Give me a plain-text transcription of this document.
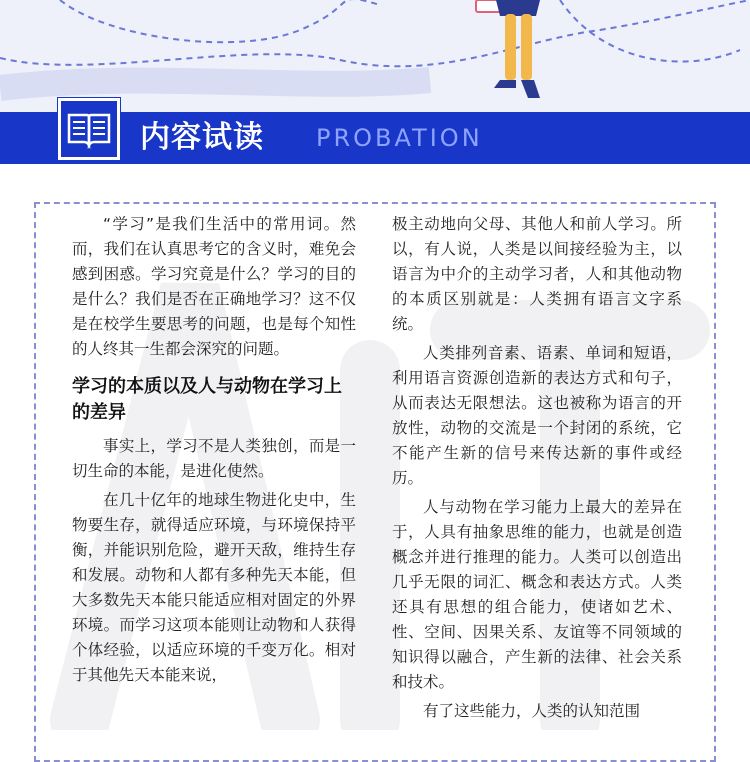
内容试读 PROBATION

“学习”是我们生活中的常用词。然而，我们在认真思考它的含义时，难免会感到困惑。学习究竟是什么？学习的目的是什么？我们是否在正确地学习？这不仅是在校学生要思考的问题，也是每个知性的人终其一生都会深究的问题。

学习的本质以及人与动物在学习上的差异

事实上，学习不是人类独创，而是一切生命的本能，是进化使然。

在几十亿年的地球生物进化史中，生物要生存，就得适应环境，与环境保持平衡，并能识别危险，避开天敌，维持生存和发展。动物和人都有多种先天本能，但大多数先天本能只能适应相对固定的外界环境。而学习这项本能则让动物和人获得个体经验，以适应环境的千变万化。相对于其他先天本能来说，

极主动地向父母、其他人和前人学习。所以，有人说，人类是以间接经验为主，以语言为中介的主动学习者，人和其他动物的本质区别就是：人类拥有语言文字系统。

人类排列音素、语素、单词和短语，利用语言资源创造新的表达方式和句子，从而表达无限想法。这也被称为语言的开放性，动物的交流是一个封闭的系统，它不能产生新的信号来传达新的事件或经历。

人与动物在学习能力上最大的差异在于，人具有抽象思维的能力，也就是创造概念并进行推理的能力。人类可以创造出几乎无限的词汇、概念和表达方式。人类还具有思想的组合能力，使诸如艺术、性、空间、因果关系、友谊等不同领域的知识得以融合，产生新的法律、社会关系和技术。

有了这些能力，人类的认知范围
